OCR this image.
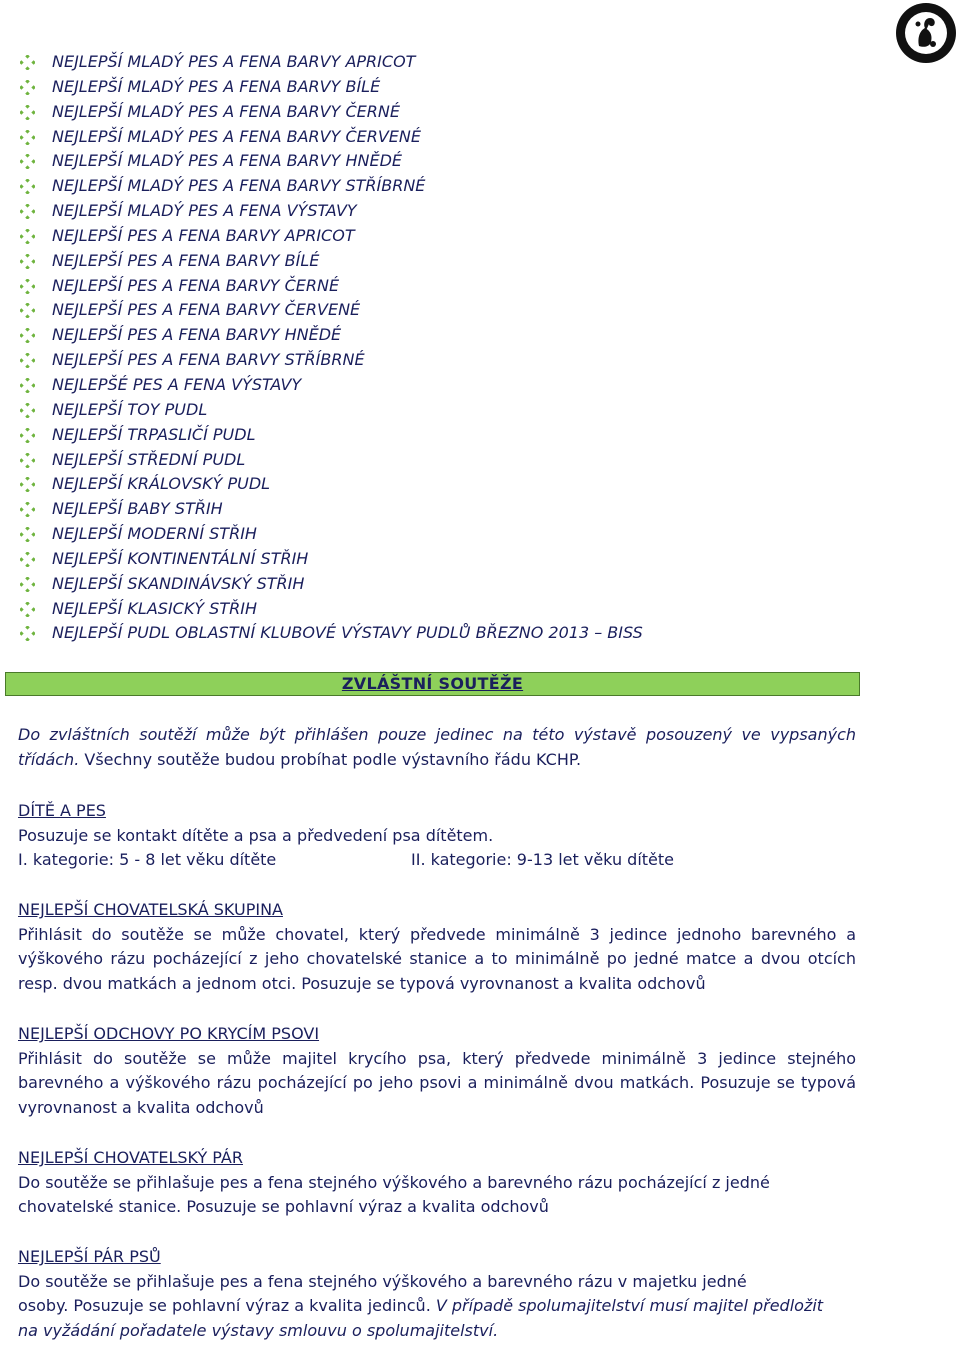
NEJLEPŠÍ MLADÝ PES A FENA BARVY APRICOT
NEJLEPŠÍ MLADÝ PES A FENA BARVY BÍLÉ
NEJLEPŠÍ MLADÝ PES A FENA BARVY ČERNÉ
NEJLEPŠÍ MLADÝ PES A FENA BARVY ČERVENÉ
NEJLEPŠÍ MLADÝ PES A FENA BARVY HNĚDÉ
NEJLEPŠÍ MLADÝ PES A FENA BARVY STŘÍBRNÉ
NEJLEPŠÍ MLADÝ PES A FENA VÝSTAVY
NEJLEPŠÍ PES A FENA BARVY APRICOT
NEJLEPŠÍ PES A FENA BARVY BÍLÉ
NEJLEPŠÍ PES A FENA BARVY ČERNÉ
NEJLEPŠÍ PES A FENA BARVY ČERVENÉ
NEJLEPŠÍ PES A FENA BARVY HNĚDÉ
NEJLEPŠÍ PES A FENA BARVY STŘÍBRNÉ
NEJLEPŠÉ PES A FENA VÝSTAVY
NEJLEPŠÍ TOY PUDL
NEJLEPŠÍ TRPASLIČÍ PUDL
NEJLEPŠÍ STŘEDNÍ PUDL
NEJLEPŠÍ KRÁLOVSKÝ PUDL
NEJLEPŠÍ BABY STŘIH
NEJLEPŠÍ MODERNÍ STŘIH
NEJLEPŠÍ KONTINENTÁLNÍ STŘIH
NEJLEPŠÍ SKANDINÁVSKÝ STŘIH
NEJLEPŠÍ KLASICKÝ STŘIH
NEJLEPŠÍ PUDL OBLASTNÍ KLUBOVÉ VÝSTAVY PUDLŮ BŘEZNO 2013 – BISS
ZVLÁŠTNÍ SOUTĚŽE
Do zvláštních soutěží může být přihlášen pouze jedinec na této výstavě posouzený ve vypsaných
třídách. Všechny soutěže budou probíhat podle výstavního řádu KCHP.
DÍTĚ A PES
Posuzuje se kontakt dítěte a psa a předvedení psa dítětem.
I. kategorie: 5 - 8 let věku dítěte	II. kategorie: 9-13 let věku dítěte
NEJLEPŠÍ CHOVATELSKÁ SKUPINA
Přihlásit do soutěže se může chovatel, který předvede minimálně 3 jedince jednoho barevného a
výškového rázu pocházející z jeho chovatelské stanice a to minimálně po jedné matce a dvou otcích
resp. dvou matkách a jednom otci. Posuzuje se typová vyrovnanost a kvalita odchovů
NEJLEPŠÍ ODCHOVY PO KRYCÍM PSOVI
Přihlásit do soutěže se může majitel krycího psa, který předvede minimálně 3 jedince stejného
barevného a výškového rázu pocházející po jeho psovi a minimálně dvou matkách. Posuzuje se typová
vyrovnanost a kvalita odchovů
NEJLEPŠÍ CHOVATELSKÝ PÁR
Do soutěže se přihlašuje pes a fena stejného výškového a barevného rázu pocházející z jedné
chovatelské stanice. Posuzuje se pohlavní výraz a kvalita odchovů
NEJLEPŠÍ PÁR PSŮ
Do soutěže se přihlašuje pes a fena stejného výškového a barevného rázu v majetku jedné
osoby. Posuzuje se pohlavní výraz a kvalita jedinců. V případě spolumajitelství musí majitel předložit
na vyžádání pořadatele výstavy smlouvu o spolumajitelství.
